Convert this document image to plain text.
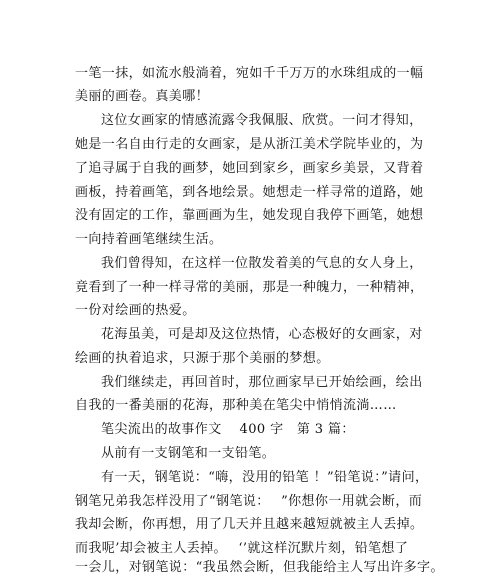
一笔一抹，如流水般淌着，宛如千千万万的水珠组成的一幅
美丽的画卷。真美哪！
这位女画家的情感流露令我佩服、欣赏。一问才得知，
她是一名自由行走的女画家，是从浙江美术学院毕业的，为
了追寻属于自我的画梦，她回到家乡，画家乡美景，又背着
画板，持着画笔，到各地绘景。她想走一样寻常的道路，她
没有固定的工作，靠画画为生，她发现自我停下画笔，她想
一向持着画笔继续生活。
我们曾得知，在这样一位散发着美的气息的女人身上，
竟看到了一种一样寻常的美丽，那是一种魄力，一种精神，
一份对绘画的热爱。
花海虽美，可是却及这位热情，心态极好的女画家，对
绘画的执着追求，只源于那个美丽的梦想。
我们继续走，再回首时，那位画家早已开始绘画，绘出
自我的一番美丽的花海，那种美在笔尖中悄悄流淌……
笔尖流出的故事作文　 400 字　第 3 篇：
从前有一支钢笔和一支铅笔。
有一天，钢笔说：“嗨，没用的铅笔 ！”铅笔说：”请问，
钢笔兄弟我怎样没用了“钢笔说：　 ”你想你一用就会断，而
我却会断，你再想，用了几天并且越来越短就被主人丢掉。
而我呢’却会被主人丢掉。　 ‘’就这样沉默片刻，铅笔想了
一会儿，对钢笔说：“我虽然会断，但我能给主人写出许多字。
